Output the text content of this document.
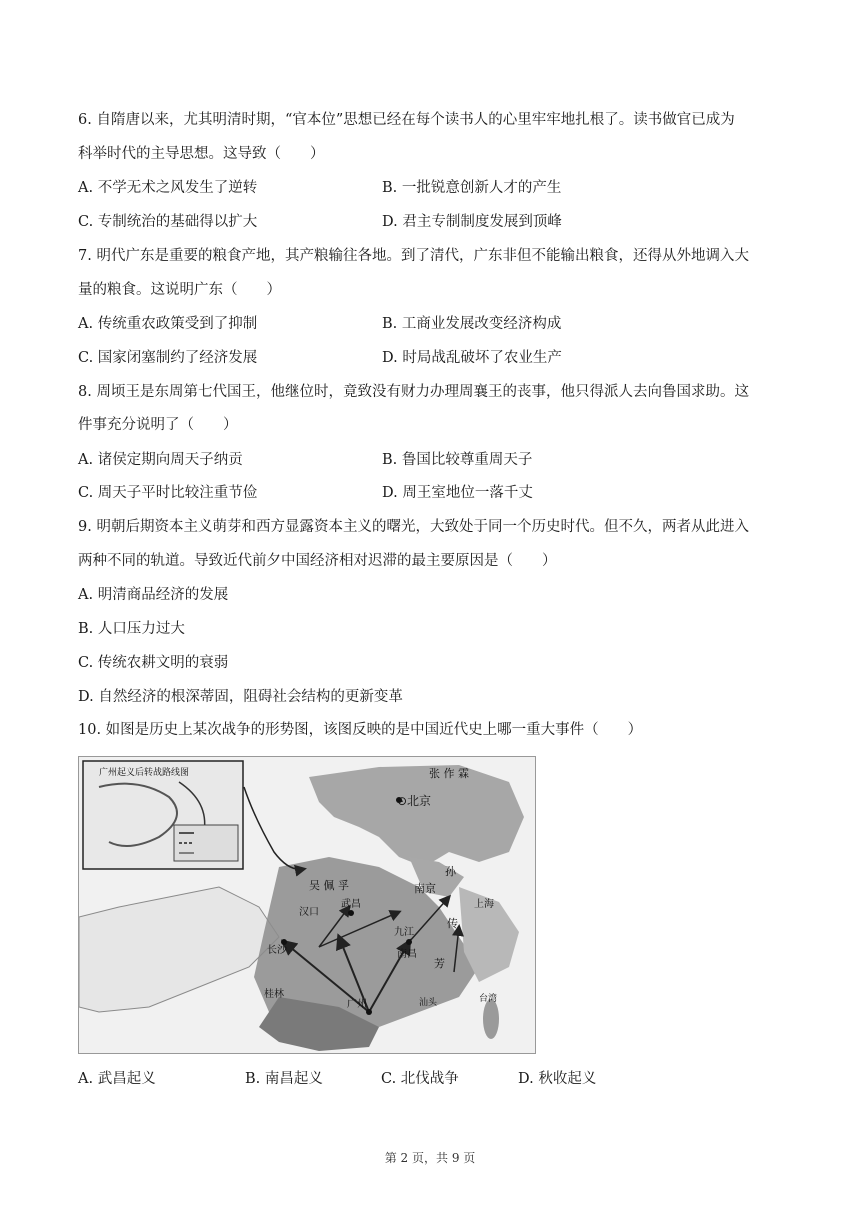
6. 自隋唐以来，尤其明清时期，“官本位”思想已经在每个读书人的心里牢牢地扎根了。读书做官已成为
科举时代的主导思想。这导致（　　）
A. 不学无术之风发生了逆转	B. 一批锐意创新人才的产生
C. 专制统治的基础得以扩大	D. 君主专制制度发展到顶峰
7. 明代广东是重要的粮食产地，其产粮输往各地。到了清代，广东非但不能输出粮食，还得从外地调入大
量的粮食。这说明广东（　　）
A. 传统重农政策受到了抑制	B. 工商业发展改变经济构成
C. 国家闭塞制约了经济发展	D. 时局战乱破坏了农业生产
8. 周顷王是东周第七代国王，他继位时，竟致没有财力办理周襄王的丧事，他只得派人去向鲁国求助。这
件事充分说明了（　　）
A. 诸侯定期向周天子纳贡	B. 鲁国比较尊重周天子
C. 周天子平时比较注重节俭	D. 周王室地位一落千丈
9. 明朝后期资本主义萌芽和西方显露资本主义的曙光，大致处于同一个历史时代。但不久，两者从此进入
两种不同的轨道。导致近代前夕中国经济相对迟滞的最主要原因是（　　）
A. 明清商品经济的发展
B. 人口压力过大
C. 传统农耕文明的衰弱
D. 自然经济的根深蒂固，阻碍社会结构的更新变革
10. 如图是历史上某次战争的形势图，该图反映的是中国近代史上哪一重大事件（　　）
广州起义后转战路线图	张 作 霖
⊙北京
吴 佩 孚	南京
孙
上海
汉口
武昌
传
九江
长沙	南昌
芳
桂林
广州	汕头	台湾
A. 武昌起义	B. 南昌起义	C. 北伐战争	D. 秋收起义
第 2 页，共 9 页
